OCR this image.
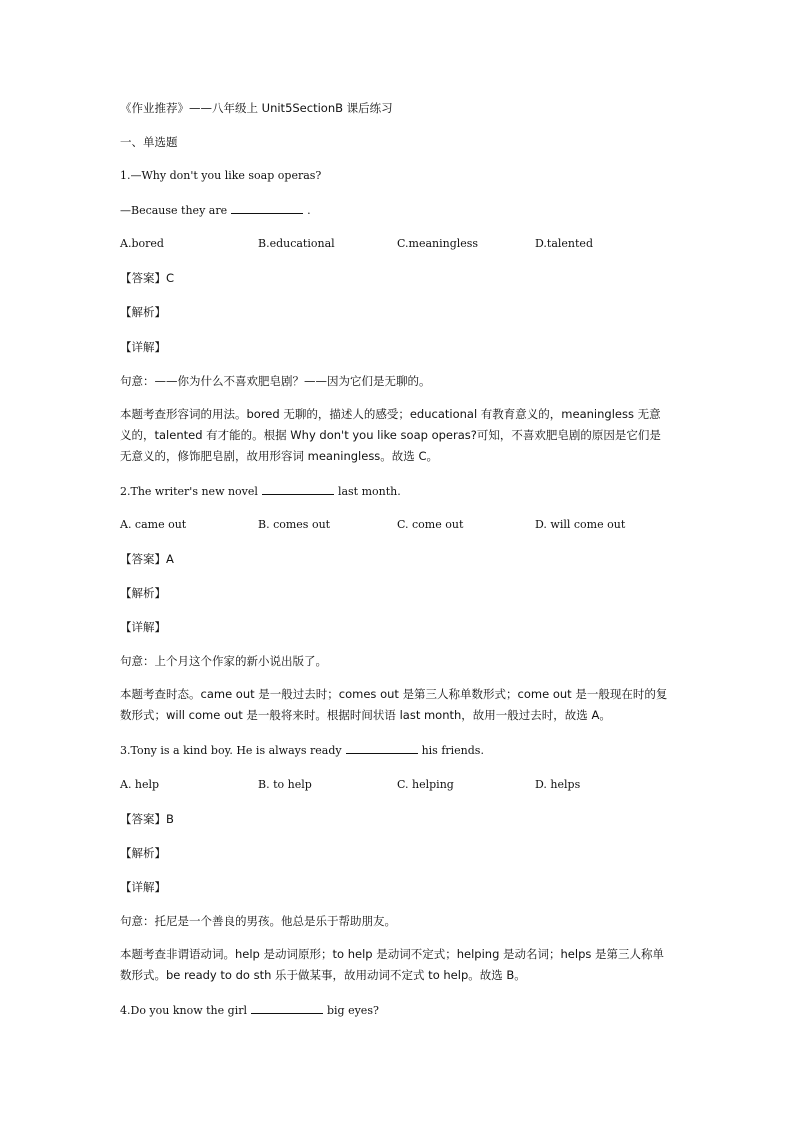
《作业推荐》——八年级上 Unit5SectionB 课后练习
一、单选题
1.—Why don't you like soap operas?
—Because they are	.
A.bored	B.educational	C.meaningless	D.talented
【答案】C
【解析】
【详解】
句意：——你为什么不喜欢肥皂剧？——因为它们是无聊的。
本题考查形容词的用法。bored 无聊的，描述人的感受；educational 有教育意义的，meaningless 无意义的，talented 有才能的。根据 Why don't you like soap operas?可知，不喜欢肥皂剧的原因是它们是无意义的，修饰肥皂剧，故用形容词 meaningless。故选 C。
2.The writer's new novel	last month.
A. came out	B. comes out	C. come out	D. will come out
【答案】A
【解析】
【详解】
句意：上个月这个作家的新小说出版了。
本题考查时态。came out 是一般过去时；comes out 是第三人称单数形式；come out 是一般现在时的复数形式；will come out 是一般将来时。根据时间状语 last month，故用一般过去时，故选 A。
3.Tony is a kind boy. He is always ready	his friends.
A. help	B. to help	C. helping	D. helps
【答案】B
【解析】
【详解】
句意：托尼是一个善良的男孩。他总是乐于帮助朋友。
本题考查非谓语动词。help 是动词原形；to help 是动词不定式；helping 是动名词；helps 是第三人称单数形式。be ready to do sth 乐于做某事，故用动词不定式 to help。故选 B。
4.Do you know the girl	big eyes?
